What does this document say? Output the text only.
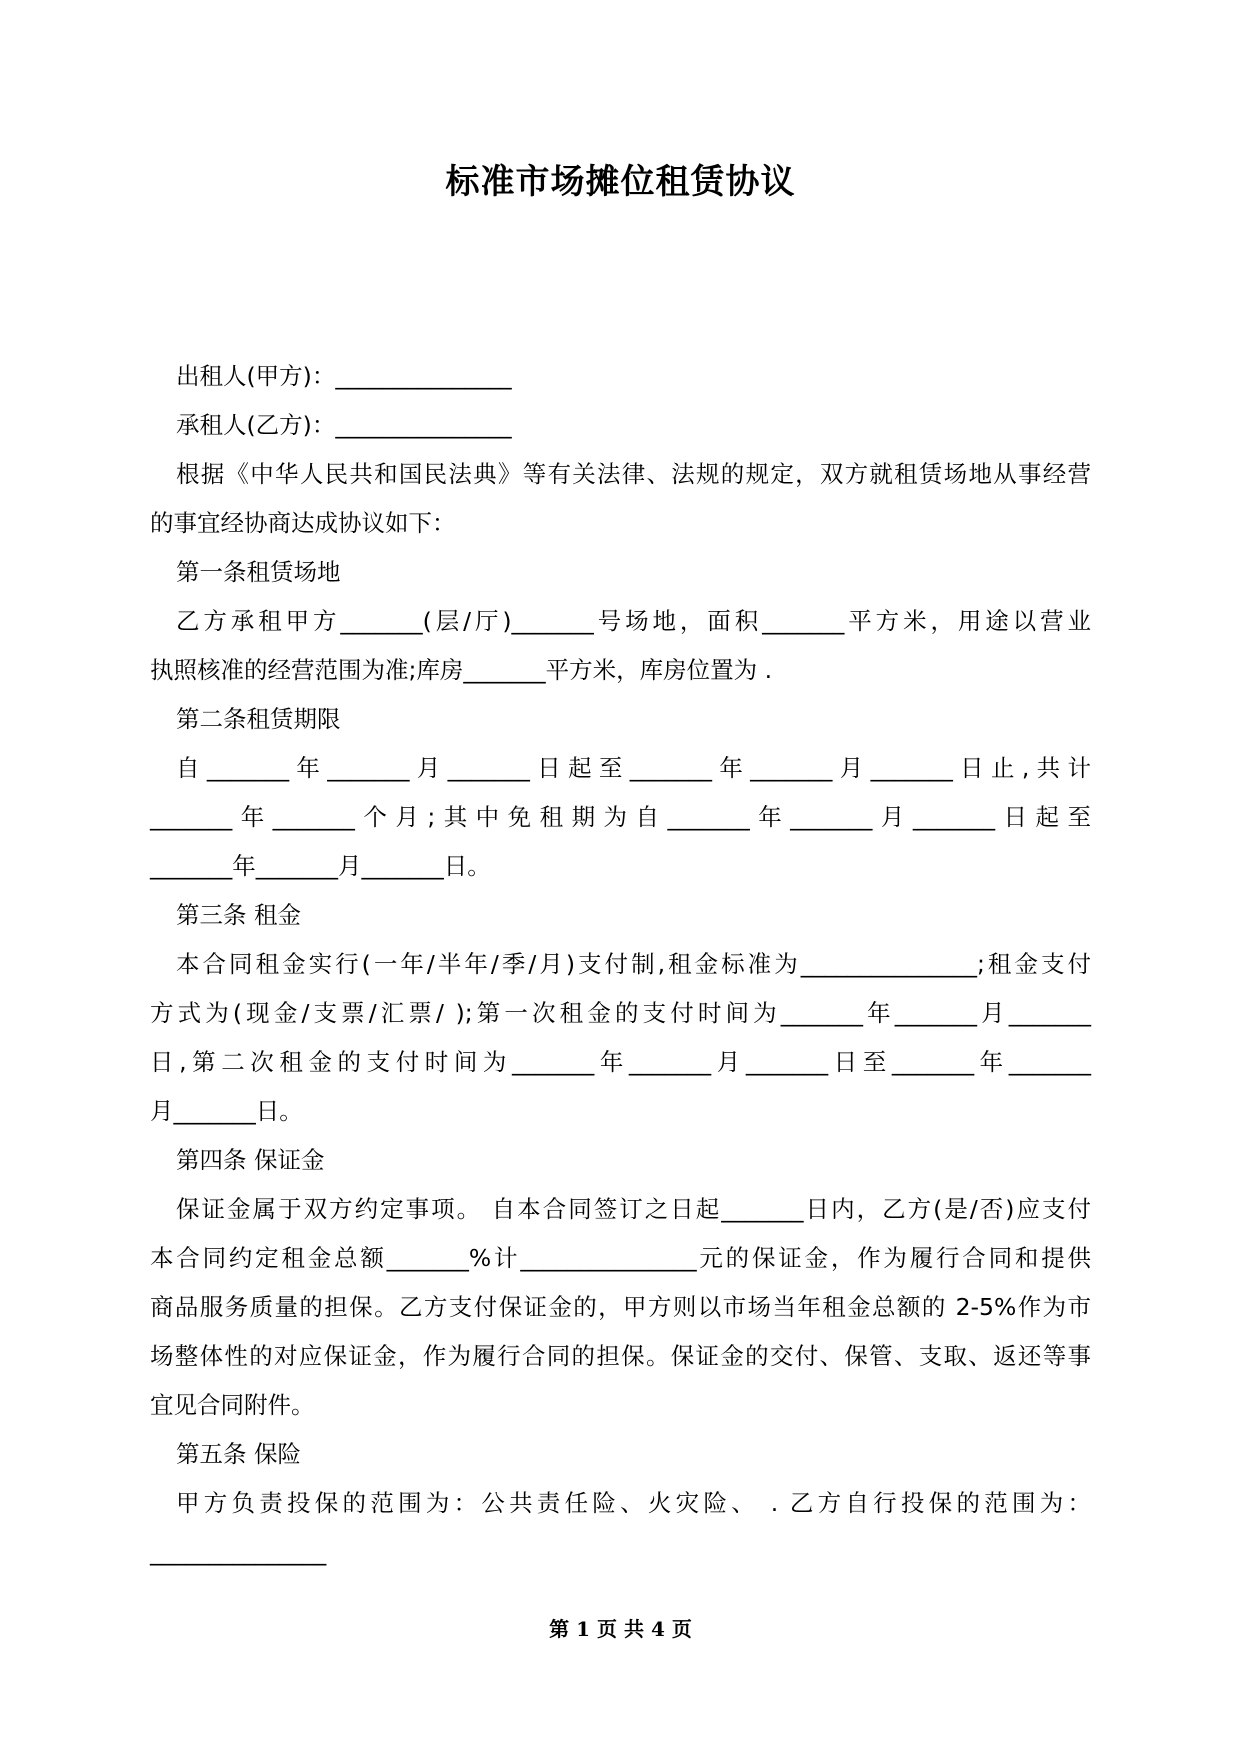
标准市场摊位租赁协议
出租人(甲方)：_______________
承租人(乙方)：_______________
根据《中华人民共和国民法典》等有关法律、法规的规定，双方就租赁场地从事经营
的事宜经协商达成协议如下：
第一条租赁场地
乙方承租甲方_______(层/厅)_______号场地，面积_______平方米，用途以营业
执照核准的经营范围为准;库房_______平方米，库房位置为 .
第二条租赁期限
自_______年_______月_______日起至_______年_______月_______日止,共计
_______年_______个月;其中免租期为自_______年_______月_______日起至
_______年_______月_______日。
第三条 租金
本合同租金实行(一年/半年/季/月)支付制,租金标准为_______________;租金支付
方式为(现金/支票/汇票/ );第一次租金的支付时间为_______年_______月_______
日,第二次租金的支付时间为_______年_______月_______日至_______年_______
月_______日。
第四条 保证金
保证金属于双方约定事项。 自本合同签订之日起_______日内，乙方(是/否)应支付
本合同约定租金总额_______%计_______________元的保证金，作为履行合同和提供
商品服务质量的担保。乙方支付保证金的，甲方则以市场当年租金总额的 2-5%作为市
场整体性的对应保证金，作为履行合同的担保。保证金的交付、保管、支取、返还等事
宜见合同附件。
第五条 保险
甲方负责投保的范围为：公共责任险、火灾险、 . 乙方自行投保的范围为：
_______________
第 1 页 共 4 页
